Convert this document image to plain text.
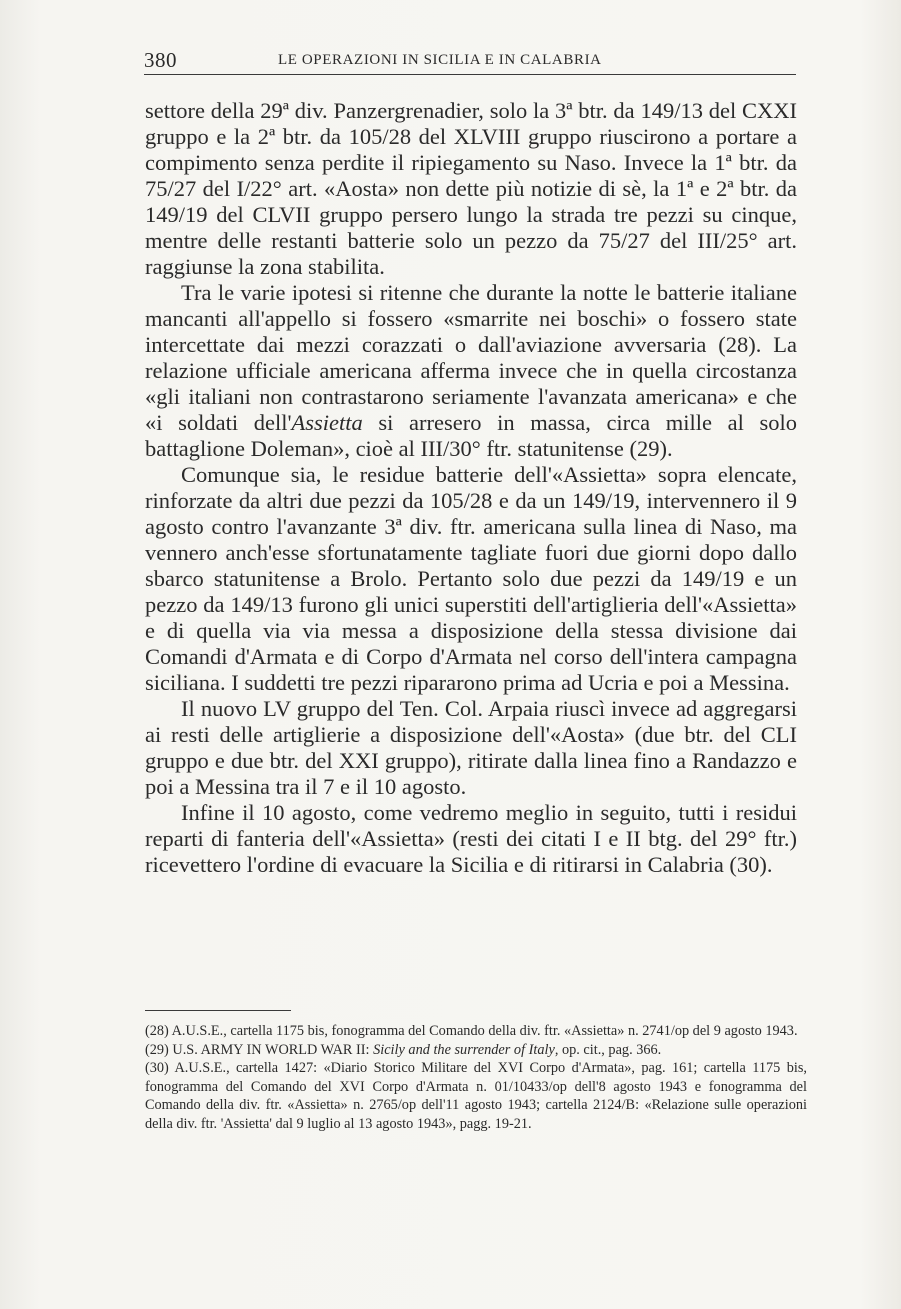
380	LE OPERAZIONI IN SICILIA E IN CALABRIA

settore della 29ª div. Panzergrenadier, solo la 3ª btr. da 149/13 del CXXI gruppo e la 2ª btr. da 105/28 del XLVIII gruppo riuscirono a portare a compimento senza perdite il ripiegamento su Naso. Invece la 1ª btr. da 75/27 del I/22° art. «Aosta» non dette più notizie di sè, la 1ª e 2ª btr. da 149/19 del CLVII gruppo persero lungo la strada tre pezzi su cinque, mentre delle restanti batterie solo un pezzo da 75/27 del III/25° art. raggiunse la zona stabilita.

Tra le varie ipotesi si ritenne che durante la notte le batterie italiane mancanti all'appello si fossero «smarrite nei boschi» o fossero state intercettate dai mezzi corazzati o dall'aviazione avversaria (28). La relazione ufficiale americana afferma invece che in quella circostanza «gli italiani non contrastarono seriamente l'avanzata americana» e che «i soldati dell'Assietta si arresero in massa, circa mille al solo battaglione Doleman», cioè al III/30° ftr. statunitense (29).

Comunque sia, le residue batterie dell'«Assietta» sopra elencate, rinforzate da altri due pezzi da 105/28 e da un 149/19, intervennero il 9 agosto contro l'avanzante 3ª div. ftr. americana sulla linea di Naso, ma vennero anch'esse sfortunatamente tagliate fuori due giorni dopo dallo sbarco statunitense a Brolo. Pertanto solo due pezzi da 149/19 e un pezzo da 149/13 furono gli unici superstiti dell'artiglieria dell'«Assietta» e di quella via via messa a disposizione della stessa divisione dai Comandi d'Armata e di Corpo d'Armata nel corso dell'intera campagna siciliana. I suddetti tre pezzi ripararono prima ad Ucria e poi a Messina.

Il nuovo LV gruppo del Ten. Col. Arpaia riuscì invece ad aggregarsi ai resti delle artiglierie a disposizione dell'«Aosta» (due btr. del CLI gruppo e due btr. del XXI gruppo), ritirate dalla linea fino a Randazzo e poi a Messina tra il 7 e il 10 agosto.

Infine il 10 agosto, come vedremo meglio in seguito, tutti i residui reparti di fanteria dell'«Assietta» (resti dei citati I e II btg. del 29° ftr.) ricevettero l'ordine di evacuare la Sicilia e di ritirarsi in Calabria (30).

(28) A.U.S.E., cartella 1175 bis, fonogramma del Comando della div. ftr. «Assietta» n. 2741/op del 9 agosto 1943.

(29) U.S. ARMY IN WORLD WAR II: Sicily and the surrender of Italy, op. cit., pag. 366.

(30) A.U.S.E., cartella 1427: «Diario Storico Militare del XVI Corpo d'Armata», pag. 161; cartella 1175 bis, fonogramma del Comando del XVI Corpo d'Armata n. 01/10433/op dell'8 agosto 1943 e fonogramma del Comando della div. ftr. «Assietta» n. 2765/op dell'11 agosto 1943; cartella 2124/B: «Relazione sulle operazioni della div. ftr. 'Assietta' dal 9 luglio al 13 agosto 1943», pagg. 19-21.
